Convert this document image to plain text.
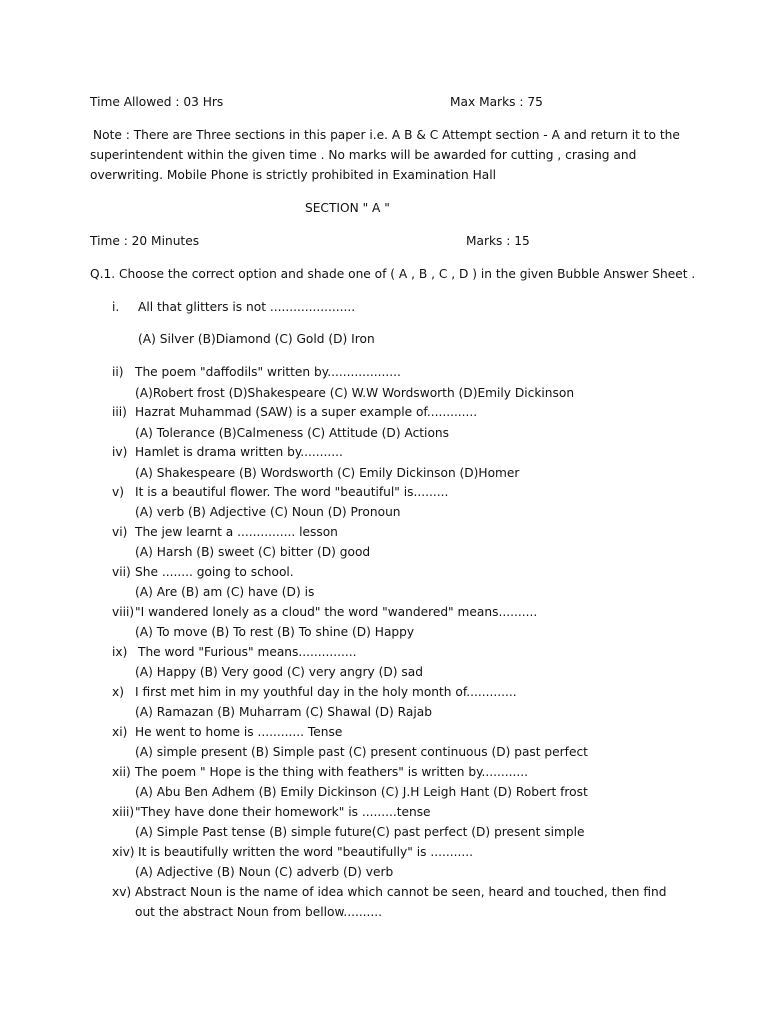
Time Allowed : 03 Hrs	Max Marks : 75
Note : There are Three sections in this paper i.e. A B & C Attempt section - A and return it to the superintendent within the given time . No marks will be awarded for cutting , crasing and overwriting. Mobile Phone is strictly prohibited in Examination Hall
SECTION " A "
Time : 20 Minutes	Marks : 15
Q.1. Choose the correct option and shade one of ( A , B , C , D ) in the given Bubble Answer Sheet .
i. All that glitters is not ......................
(A) Silver (B)Diamond (C) Gold (D) Iron
ii) The poem "daffodils" written by...................
(A)Robert frost (D)Shakespeare (C) W.W Wordsworth (D)Emily Dickinson
iii) Hazrat Muhammad (SAW) is a super example of.............
(A) Tolerance (B)Calmeness (C) Attitude (D) Actions
iv) Hamlet is drama written by...........
(A) Shakespeare (B) Wordsworth (C) Emily Dickinson (D)Homer
v) It is a beautiful flower. The word "beautiful" is.........
(A) verb (B) Adjective (C) Noun (D) Pronoun
vi) The jew learnt a ............... lesson
(A) Harsh (B) sweet (C) bitter (D) good
vii) She ........ going to school.
(A) Are (B) am (C) have (D) is
viii) "I wandered lonely as a cloud" the word "wandered" means..........
(A) To move (B) To rest (B) To shine (D) Happy
ix) The word "Furious" means...............
(A) Happy (B) Very good (C) very angry (D) sad
x) I first met him in my youthful day in the holy month of.............
(A) Ramazan (B) Muharram (C) Shawal (D) Rajab
xi) He went to home is ............ Tense
(A) simple present (B) Simple past (C) present continuous (D) past perfect
xii) The poem " Hope is the thing with feathers" is written by............
(A) Abu Ben Adhem (B) Emily Dickinson (C) J.H Leigh Hant (D) Robert frost
xiii) "They have done their homework" is .........tense
(A) Simple Past tense (B) simple future(C) past perfect (D) present simple
xiv) It is beautifully written the word "beautifully" is ...........
(A) Adjective (B) Noun (C) adverb (D) verb
xv) Abstract Noun is the name of idea which cannot be seen, heard and touched, then find out the abstract Noun from bellow..........
